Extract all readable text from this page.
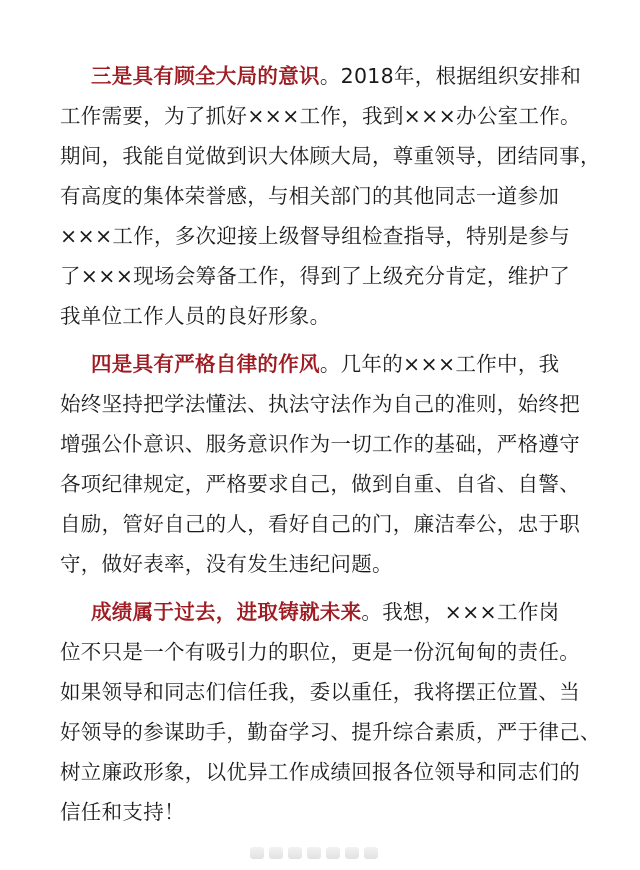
三是具有顾全大局的意识。2018年，根据组织安排和
工作需要，为了抓好×××工作，我到×××办公室工作。
期间，我能自觉做到识大体顾大局，尊重领导，团结同事，
有高度的集体荣誉感，与相关部门的其他同志一道参加
×××工作，多次迎接上级督导组检查指导，特别是参与
了×××现场会筹备工作，得到了上级充分肯定，维护了
我单位工作人员的良好形象。

四是具有严格自律的作风。几年的×××工作中，我
始终坚持把学法懂法、执法守法作为自己的准则，始终把
增强公仆意识、服务意识作为一切工作的基础，严格遵守
各项纪律规定，严格要求自己，做到自重、自省、自警、
自励，管好自己的人，看好自己的门，廉洁奉公，忠于职
守，做好表率，没有发生违纪问题。

成绩属于过去，进取铸就未来。我想，×××工作岗
位不只是一个有吸引力的职位，更是一份沉甸甸的责任。
如果领导和同志们信任我，委以重任，我将摆正位置、当
好领导的参谋助手，勤奋学习、提升综合素质，严于律己、
树立廉政形象，以优异工作成绩回报各位领导和同志们的
信任和支持！
